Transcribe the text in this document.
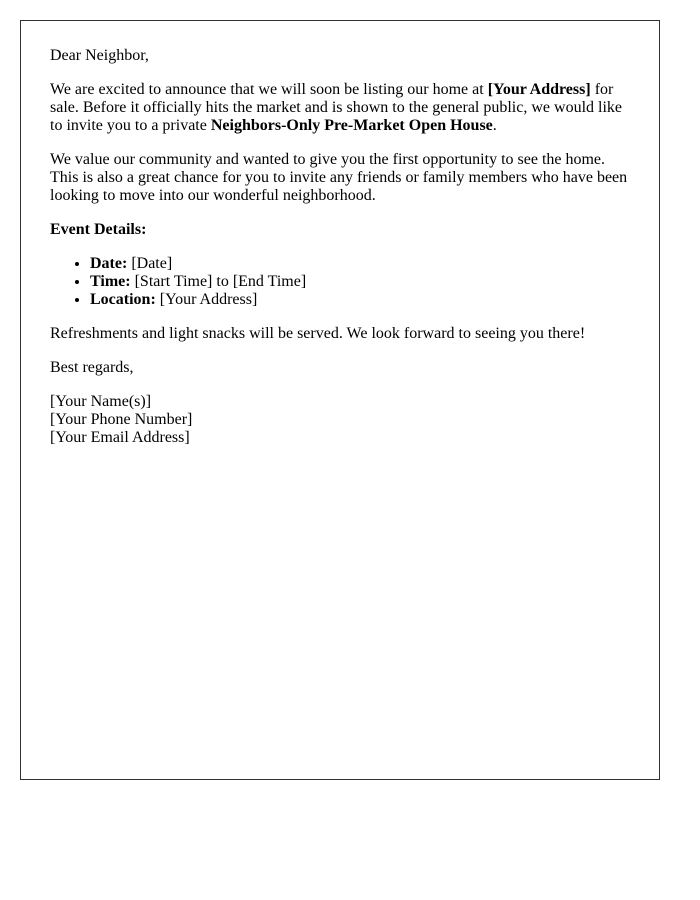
Dear Neighbor,

We are excited to announce that we will soon be listing our home at [Your Address] for sale. Before it officially hits the market and is shown to the general public, we would like to invite you to a private Neighbors-Only Pre-Market Open House.

We value our community and wanted to give you the first opportunity to see the home. This is also a great chance for you to invite any friends or family members who have been looking to move into our wonderful neighborhood.

Event Details:

• Date: [Date]
• Time: [Start Time] to [End Time]
• Location: [Your Address]

Refreshments and light snacks will be served. We look forward to seeing you there!

Best regards,

[Your Name(s)]
[Your Phone Number]
[Your Email Address]
